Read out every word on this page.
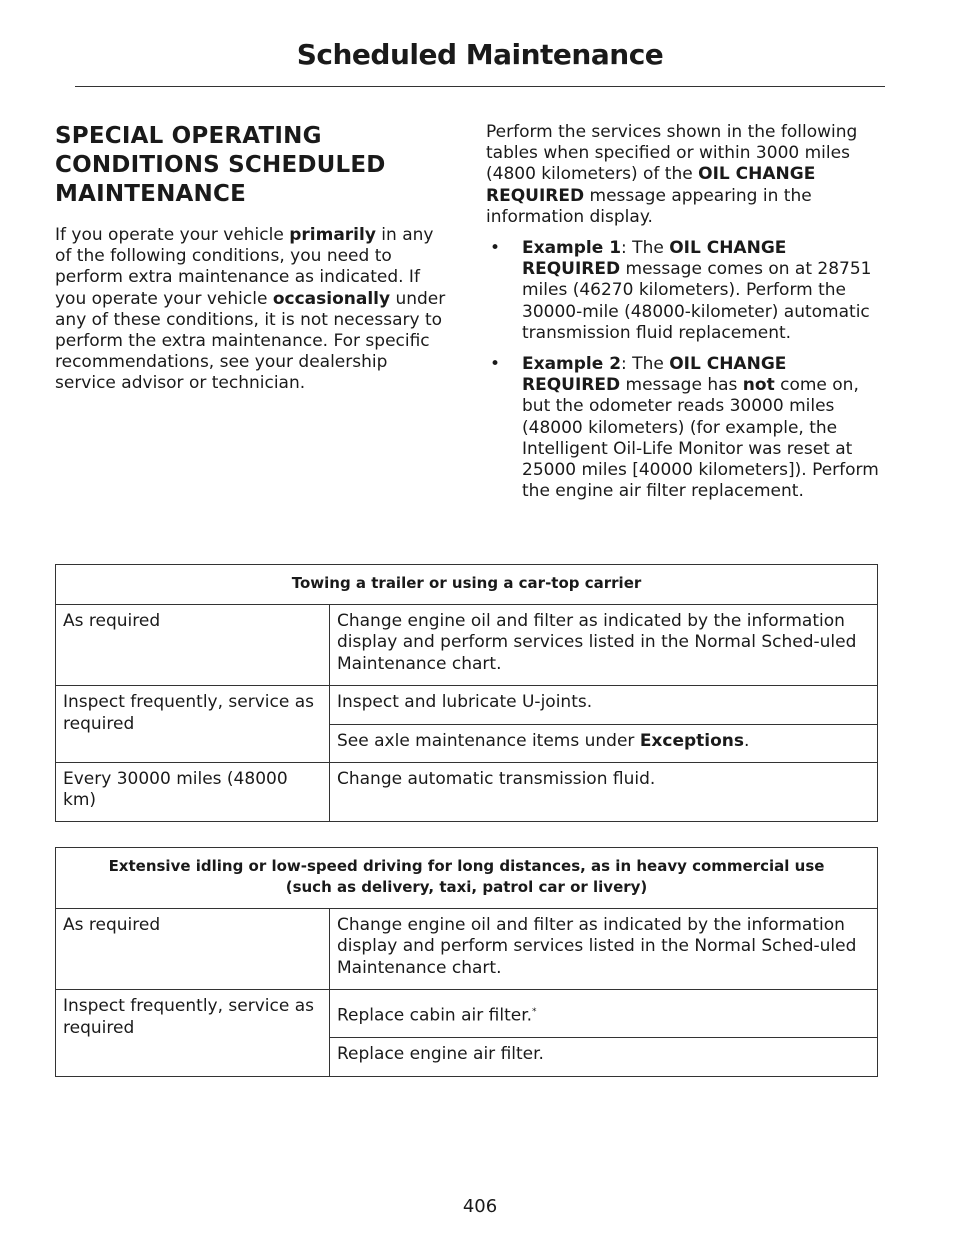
Scheduled Maintenance
SPECIAL OPERATING
CONDITIONS SCHEDULED
MAINTENANCE

If you operate your vehicle primarily in any of the following conditions, you need to perform extra maintenance as indicated. If you operate your vehicle occasionally under any of these conditions, it is not necessary to perform the extra maintenance. For specific recommendations, see your dealership service advisor or technician.

Perform the services shown in the following tables when specified or within 3000 miles (4800 kilometers) of the OIL CHANGE REQUIRED message appearing in the information display.

• Example 1: The OIL CHANGE REQUIRED message comes on at 28751 miles (46270 kilometers). Perform the 30000-mile (48000-kilometer) automatic transmission fluid replacement.
• Example 2: The OIL CHANGE REQUIRED message has not come on, but the odometer reads 30000 miles (48000 kilometers) (for example, the Intelligent Oil-Life Monitor was reset at 25000 miles [40000 kilometers]). Perform the engine air filter replacement.
Towing a trailer or using a car-top carrier	
As required	Change engine oil and filter as indicated by the information display and perform services listed in the Normal Sched-uled Maintenance chart.
Inspect frequently, service as required	Inspect and lubricate U-joints.
	See axle maintenance items under Exceptions.
Every 30000 miles (48000 km)	Change automatic transmission fluid.
Extensive idling or low-speed driving for long distances, as in heavy commercial use
(such as delivery, taxi, patrol car or livery)	

As required	Change engine oil and filter as indicated by the information display and perform services listed in the Normal Sched-uled Maintenance chart.
Inspect frequently, service as required	Replace cabin air filter.*
	Replace engine air filter.
406
